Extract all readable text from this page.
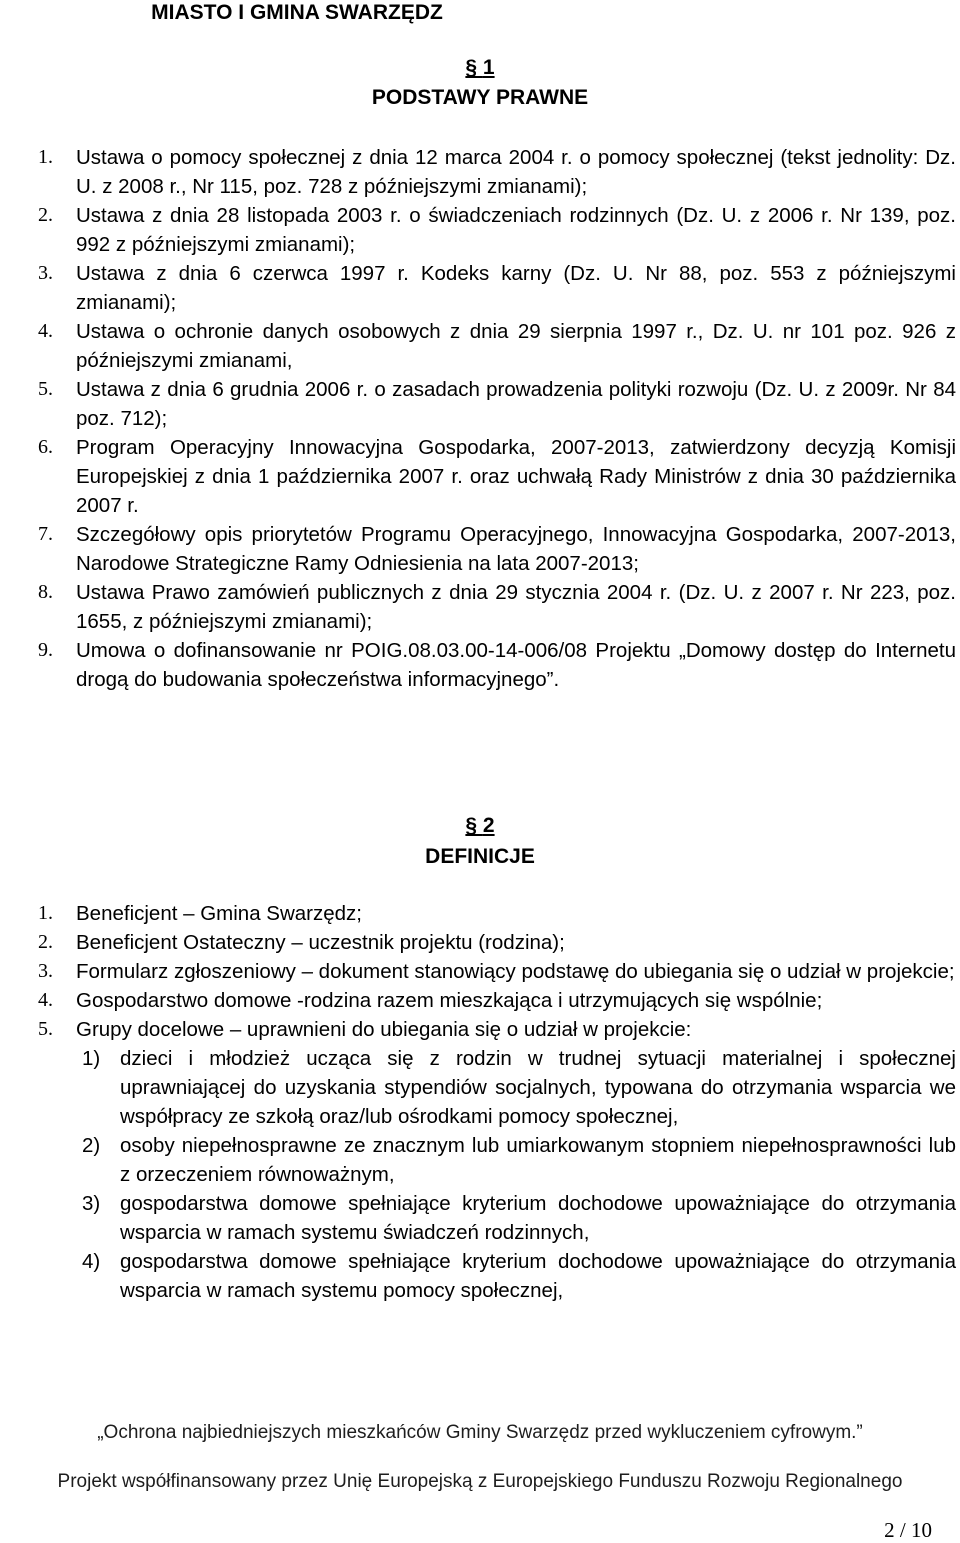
MIASTO I GMINA SWARZĘDZ

§ 1

PODSTAWY PRAWNE

1. Ustawa o pomocy społecznej z dnia 12 marca 2004 r. o pomocy społecznej (tekst jednolity: Dz. U. z 2008 r., Nr 115, poz. 728 z późniejszymi zmianami);
2. Ustawa z dnia 28 listopada 2003 r. o świadczeniach rodzinnych (Dz. U. z 2006 r. Nr 139, poz. 992 z późniejszymi zmianami);
3. Ustawa z dnia 6 czerwca 1997 r. Kodeks karny (Dz. U. Nr 88, poz. 553 z późniejszymi zmianami);
4. Ustawa o ochronie danych osobowych z dnia 29 sierpnia 1997 r., Dz. U. nr 101 poz. 926 z późniejszymi zmianami,
5. Ustawa z dnia 6 grudnia 2006 r. o zasadach prowadzenia polityki rozwoju (Dz. U. z 2009r. Nr 84 poz. 712);
6. Program Operacyjny Innowacyjna Gospodarka, 2007-2013, zatwierdzony decyzją Komisji Europejskiej z dnia 1 października 2007 r. oraz uchwałą Rady Ministrów z dnia 30 października 2007 r.
7. Szczegółowy opis priorytetów Programu Operacyjnego, Innowacyjna Gospodarka, 2007-2013, Narodowe Strategiczne Ramy Odniesienia na lata 2007-2013;
8. Ustawa Prawo zamówień publicznych z dnia 29 stycznia 2004 r. (Dz. U. z 2007 r. Nr 223, poz. 1655, z późniejszymi zmianami);
9. Umowa o dofinansowanie nr POIG.08.03.00-14-006/08 Projektu „Domowy dostęp do Internetu drogą do budowania społeczeństwa informacyjnego”.

§ 2

DEFINICJE

1. Beneficjent – Gmina Swarzędz;
2. Beneficjent Ostateczny – uczestnik projektu (rodzina);
3. Formularz zgłoszeniowy – dokument stanowiący podstawę do ubiegania się o udział w projekcie;
4. Gospodarstwo domowe -rodzina razem mieszkająca i utrzymujących się wspólnie;
5. Grupy docelowe – uprawnieni do ubiegania się o udział w projekcie:
1) dzieci i młodzież ucząca się z rodzin w trudnej sytuacji materialnej i społecznej uprawniającej do uzyskania stypendiów socjalnych, typowana do otrzymania wsparcia we współpracy ze szkołą oraz/lub ośrodkami pomocy społecznej,
2) osoby niepełnosprawne ze znacznym lub umiarkowanym stopniem niepełnosprawności lub z orzeczeniem równoważnym,
3) gospodarstwa domowe spełniające kryterium dochodowe upoważniające do otrzymania wsparcia w ramach systemu świadczeń rodzinnych,
4) gospodarstwa domowe spełniające kryterium dochodowe upoważniające do otrzymania wsparcia w ramach systemu pomocy społecznej,

„Ochrona najbiedniejszych mieszkańców Gminy Swarzędz przed wykluczeniem cyfrowym.”

Projekt współfinansowany przez Unię Europejską z Europejskiego Funduszu Rozwoju Regionalnego

2 / 10
